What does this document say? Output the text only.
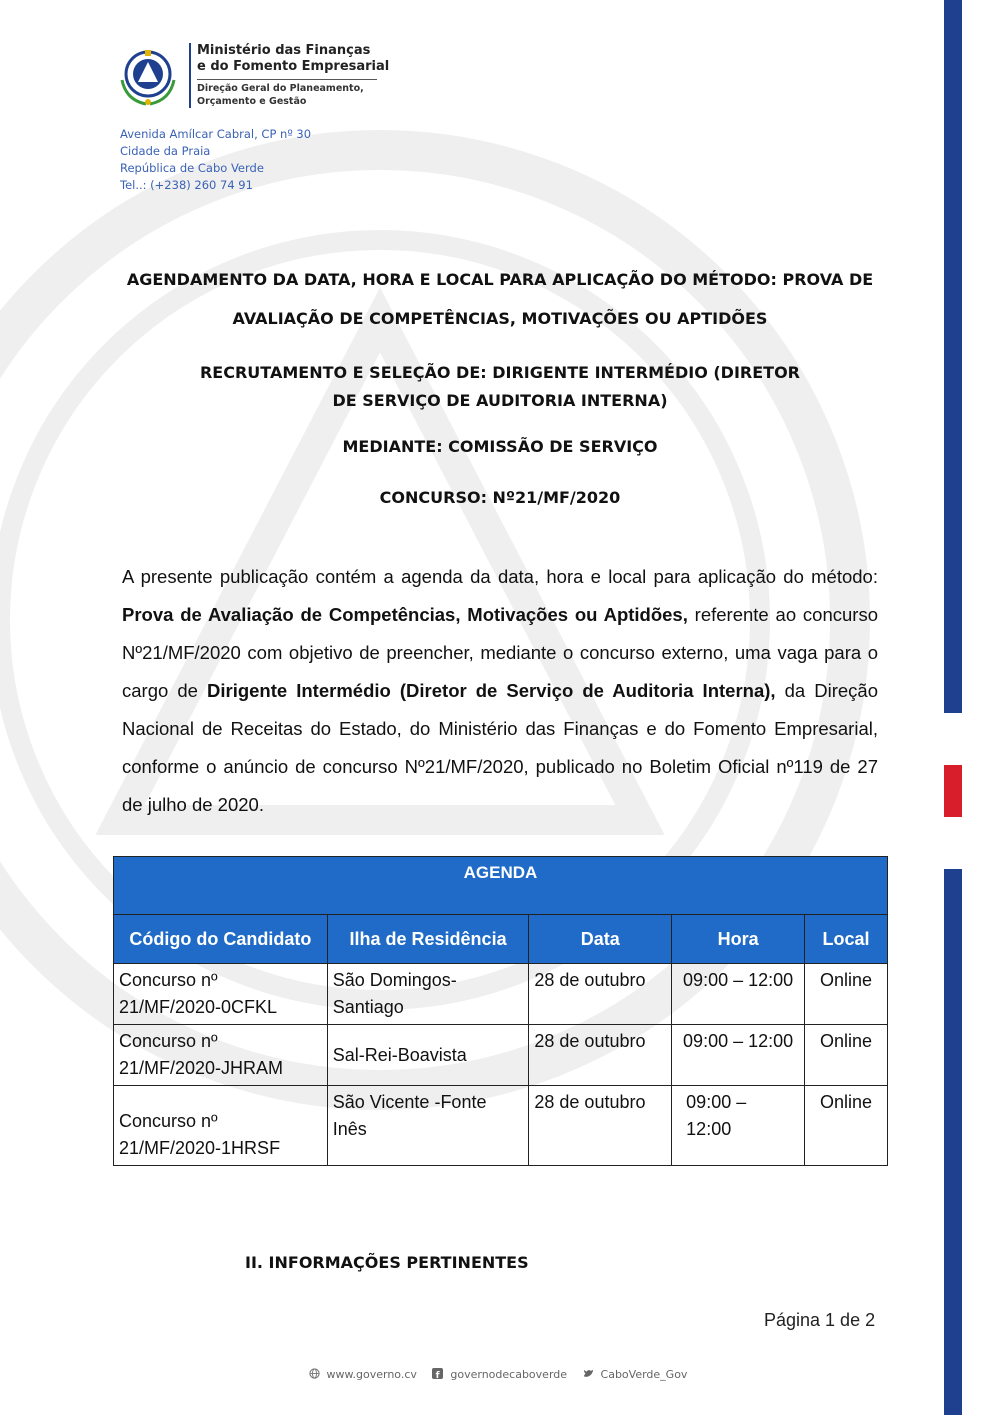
Ministério das Finanças
e do Fomento Empresarial
Direção Geral do Planeamento,
Orçamento e Gestão
Avenida Amílcar Cabral, CP nº 30
Cidade da Praia
República de Cabo Verde
Tel..: (+238) 260 74 91
AGENDAMENTO DA DATA, HORA E LOCAL PARA APLICAÇÃO DO MÉTODO: PROVA DE
AVALIAÇÃO DE COMPETÊNCIAS, MOTIVAÇÕES OU APTIDÕES
RECRUTAMENTO E SELEÇÃO DE: DIRIGENTE INTERMÉDIO (DIRETOR
DE SERVIÇO DE AUDITORIA INTERNA)
MEDIANTE: COMISSÃO DE SERVIÇO
CONCURSO: Nº21/MF/2020
A presente publicação contém a agenda da data, hora e local para aplicação do método: Prova de Avaliação de Competências, Motivações ou Aptidões, referente ao concurso Nº21/MF/2020 com objetivo de preencher, mediante o concurso externo, uma vaga para o cargo de Dirigente Intermédio (Diretor de Serviço de Auditoria Interna), da Direção Nacional de Receitas do Estado, do Ministério das Finanças e do Fomento Empresarial, conforme o anúncio de concurso Nº21/MF/2020, publicado no Boletim Oficial nº119 de 27 de julho de 2020.
AGENDA				
Código do Candidato	Ilha de Residência	Data	Hora	Local
Concurso nº 21/MF/2020-0CFKL	São Domingos-Santiago	28 de outubro	09:00 – 12:00	Online
Concurso nº 21/MF/2020-JHRAM	Sal-Rei-Boavista	28 de outubro	09:00 – 12:00	Online
Concurso nº 21/MF/2020-1HRSF	São Vicente -Fonte Inês	28 de outubro	09:00 – 12:00	Online
II. INFORMAÇÕES PERTINENTES
Página 1 de 2
www.governo.cv f governodecaboverde	CaboVerde_Gov
